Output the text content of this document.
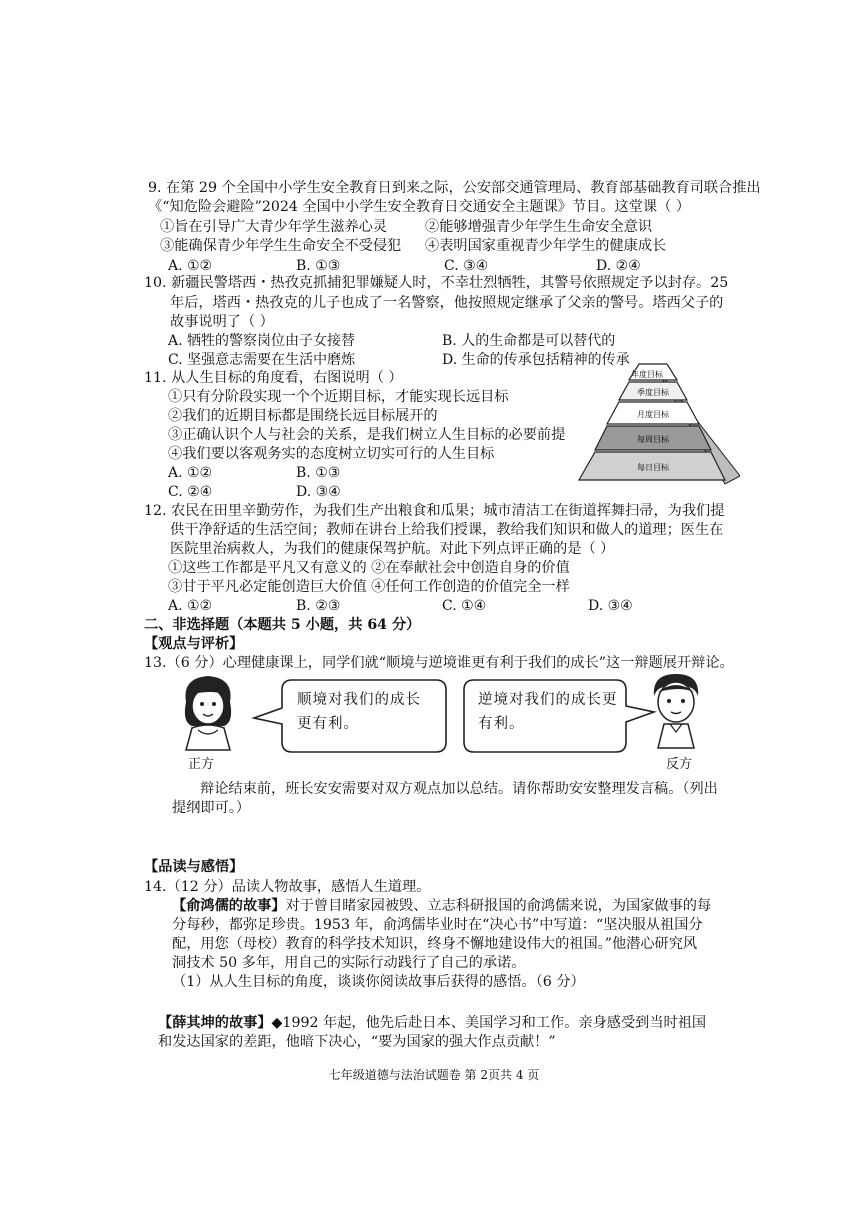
9. 在第 29 个全国中小学生安全教育日到来之际，公安部交通管理局、教育部基础教育司联合推出
《“知危险会避险”2024 全国中小学生安全教育日交通安全主题课》节目。这堂课（ ）
①旨在引导广大青少年学生滋养心灵	②能够增强青少年学生生命安全意识
③能确保青少年学生生命安全不受侵犯 ④表明国家重视青少年学生的健康成长
A. ①②	B. ①③	C. ③④	D. ②④
10. 新疆民警塔西・热孜克抓捕犯罪嫌疑人时，不幸壮烈牺牲，其警号依照规定予以封存。25
年后，塔西・热孜克的儿子也成了一名警察，他按照规定继承了父亲的警号。塔西父子的
故事说明了（ ）
A. 牺牲的警察岗位由子女接替	B. 人的生命都是可以替代的
C. 坚强意志需要在生活中磨炼	D. 生命的传承包括精神的传承
11. 从人生目标的角度看，右图说明（ ）
①只有分阶段实现一个个近期目标，才能实现长远目标
②我们的近期目标都是围绕长远目标展开的
③正确认识个人与社会的关系，是我们树立人生目标的必要前提
④我们要以客观务实的态度树立切实可行的人生目标
A. ①②	B. ①③
C. ②④	D. ③④
年度目标
季度目标
月度目标
每周目标
每日目标
12. 农民在田里辛勤劳作，为我们生产出粮食和瓜果；城市清洁工在街道挥舞扫帚，为我们提
供干净舒适的生活空间；教师在讲台上给我们授课，教给我们知识和做人的道理；医生在
医院里治病救人，为我们的健康保驾护航。对此下列点评正确的是（ ）
①这些工作都是平凡又有意义的 ②在奉献社会中创造自身的价值
③甘于平凡必定能创造巨大价值 ④任何工作创造的价值完全一样
A. ①②	B. ②③	C. ①④	D. ③④
二、非选择题（本题共 5 小题，共 64 分）
【观点与评析】
13.（6 分）心理健康课上，同学们就“顺境与逆境谁更有利于我们的成长”这一辩题展开辩论。
正方
顺境对我们的成长
更有利。
逆境对我们的成长更
有利。
反方
辩论结束前，班长安安需要对双方观点加以总结。请你帮助安安整理发言稿。（列出
提纲即可。）
【品读与感悟】
14.（12 分）品读人物故事，感悟人生道理。
【俞鸿儒的故事】对于曾目睹家园被毁、立志科研报国的俞鸿儒来说，为国家做事的每
分每秒，都弥足珍贵。1953 年，俞鸿儒毕业时在“决心书”中写道：“坚决服从祖国分
配，用您（母校）教育的科学技术知识，终身不懈地建设伟大的祖国。”他潜心研究风
洞技术 50 多年，用自己的实际行动践行了自己的承诺。
（1）从人生目标的角度，谈谈你阅读故事后获得的感悟。（6 分）
【薛其坤的故事】◆1992 年起，他先后赴日本、美国学习和工作。亲身感受到当时祖国
和发达国家的差距，他暗下决心，“要为国家的强大作点贡献！”
七年级道德与法治试题卷 第 2页共 4 页
